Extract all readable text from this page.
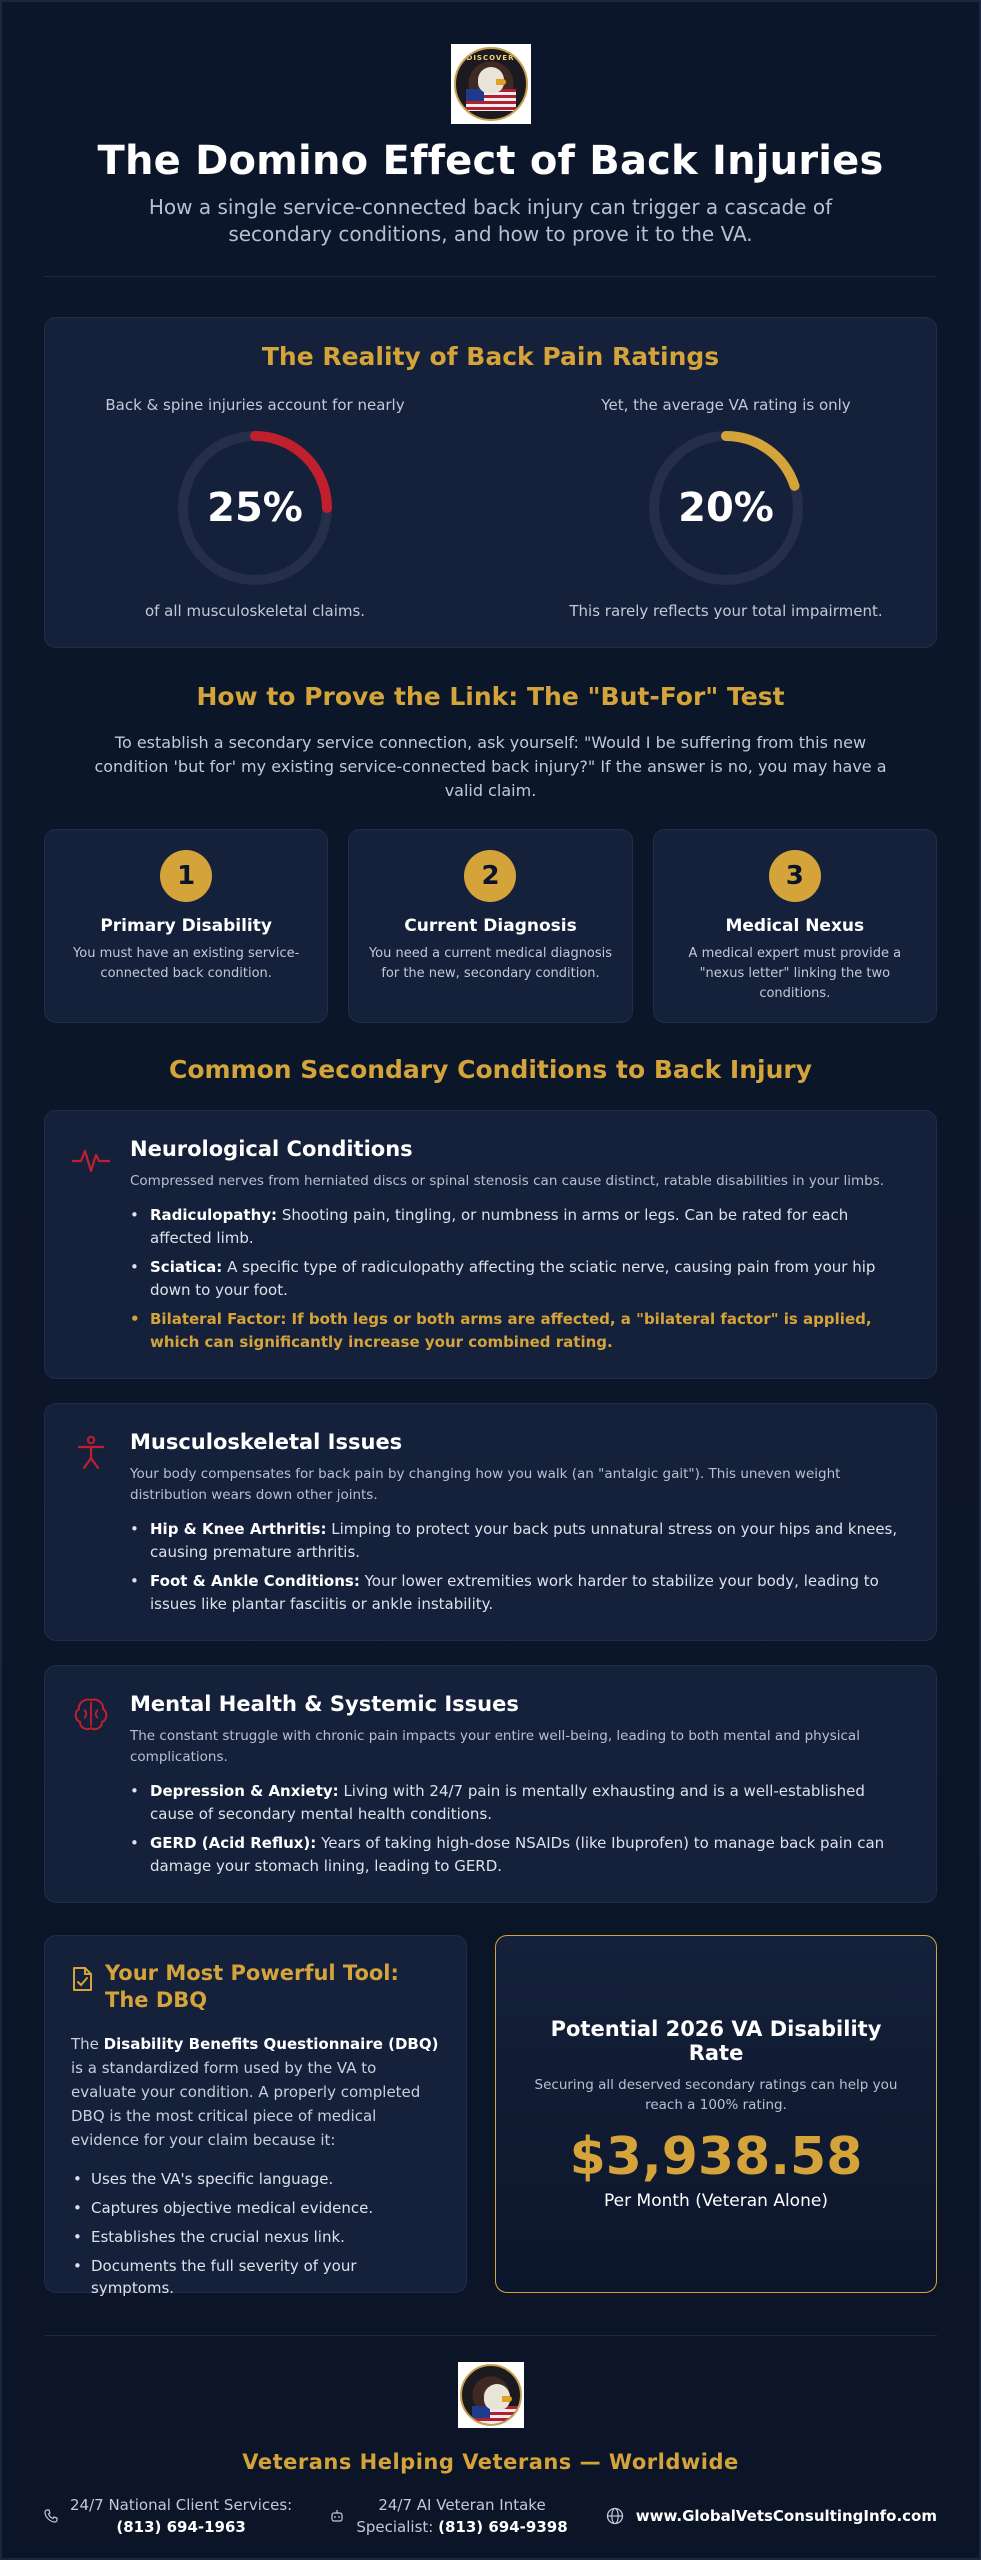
DISCOVER
The Domino Effect of Back Injuries
How a single service-connected back injury can trigger a cascade of secondary conditions, and how to prove it to the VA.
The Reality of Back Pain Ratings
Back & spine injuries account for nearly
25%
of all musculoskeletal claims.
Yet, the average VA rating is only
20%
This rarely reflects your total impairment.
How to Prove the Link: The "But-For" Test
To establish a secondary service connection, ask yourself: "Would I be suffering from this new condition 'but for' my existing service-connected back injury?" If the answer is no, you may have a valid claim.
1
Primary Disability
You must have an existing service-connected back condition.
2
Current Diagnosis
You need a current medical diagnosis for the new, secondary condition.
3
Medical Nexus
A medical expert must provide a "nexus letter" linking the two conditions.
Common Secondary Conditions to Back Injury
Neurological Conditions
Compressed nerves from herniated discs or spinal stenosis can cause distinct, ratable disabilities in your limbs.
• Radiculopathy: Shooting pain, tingling, or numbness in arms or legs. Can be rated for each affected limb.
• Sciatica: A specific type of radiculopathy affecting the sciatic nerve, causing pain from your hip down to your foot.
• Bilateral Factor: If both legs or both arms are affected, a "bilateral factor" is applied, which can significantly increase your combined rating.
Musculoskeletal Issues
Your body compensates for back pain by changing how you walk (an "antalgic gait"). This uneven weight distribution wears down other joints.
• Hip & Knee Arthritis: Limping to protect your back puts unnatural stress on your hips and knees, causing premature arthritis.
• Foot & Ankle Conditions: Your lower extremities work harder to stabilize your body, leading to issues like plantar fasciitis or ankle instability.
Mental Health & Systemic Issues
The constant struggle with chronic pain impacts your entire well-being, leading to both mental and physical complications.
• Depression & Anxiety: Living with 24/7 pain is mentally exhausting and is a well-established cause of secondary mental health conditions.
• GERD (Acid Reflux): Years of taking high-dose NSAIDs (like Ibuprofen) to manage back pain can damage your stomach lining, leading to GERD.
Your Most Powerful Tool: The DBQ
The Disability Benefits Questionnaire (DBQ) is a standardized form used by the VA to evaluate your condition. A properly completed DBQ is the most critical piece of medical evidence for your claim because it:
• Uses the VA's specific language.
• Captures objective medical evidence.
• Establishes the crucial nexus link.
• Documents the full severity of your symptoms.
Potential 2026 VA Disability Rate
Securing all deserved secondary ratings can help you reach a 100% rating.
$3,938.58
Per Month (Veteran Alone)
Veterans Helping Veterans — Worldwide
24/7 National Client Services:
(813) 694-1963
24/7 AI Veteran Intake
Specialist: (813) 694-9398
www.GlobalVetsConsultingInfo.com
